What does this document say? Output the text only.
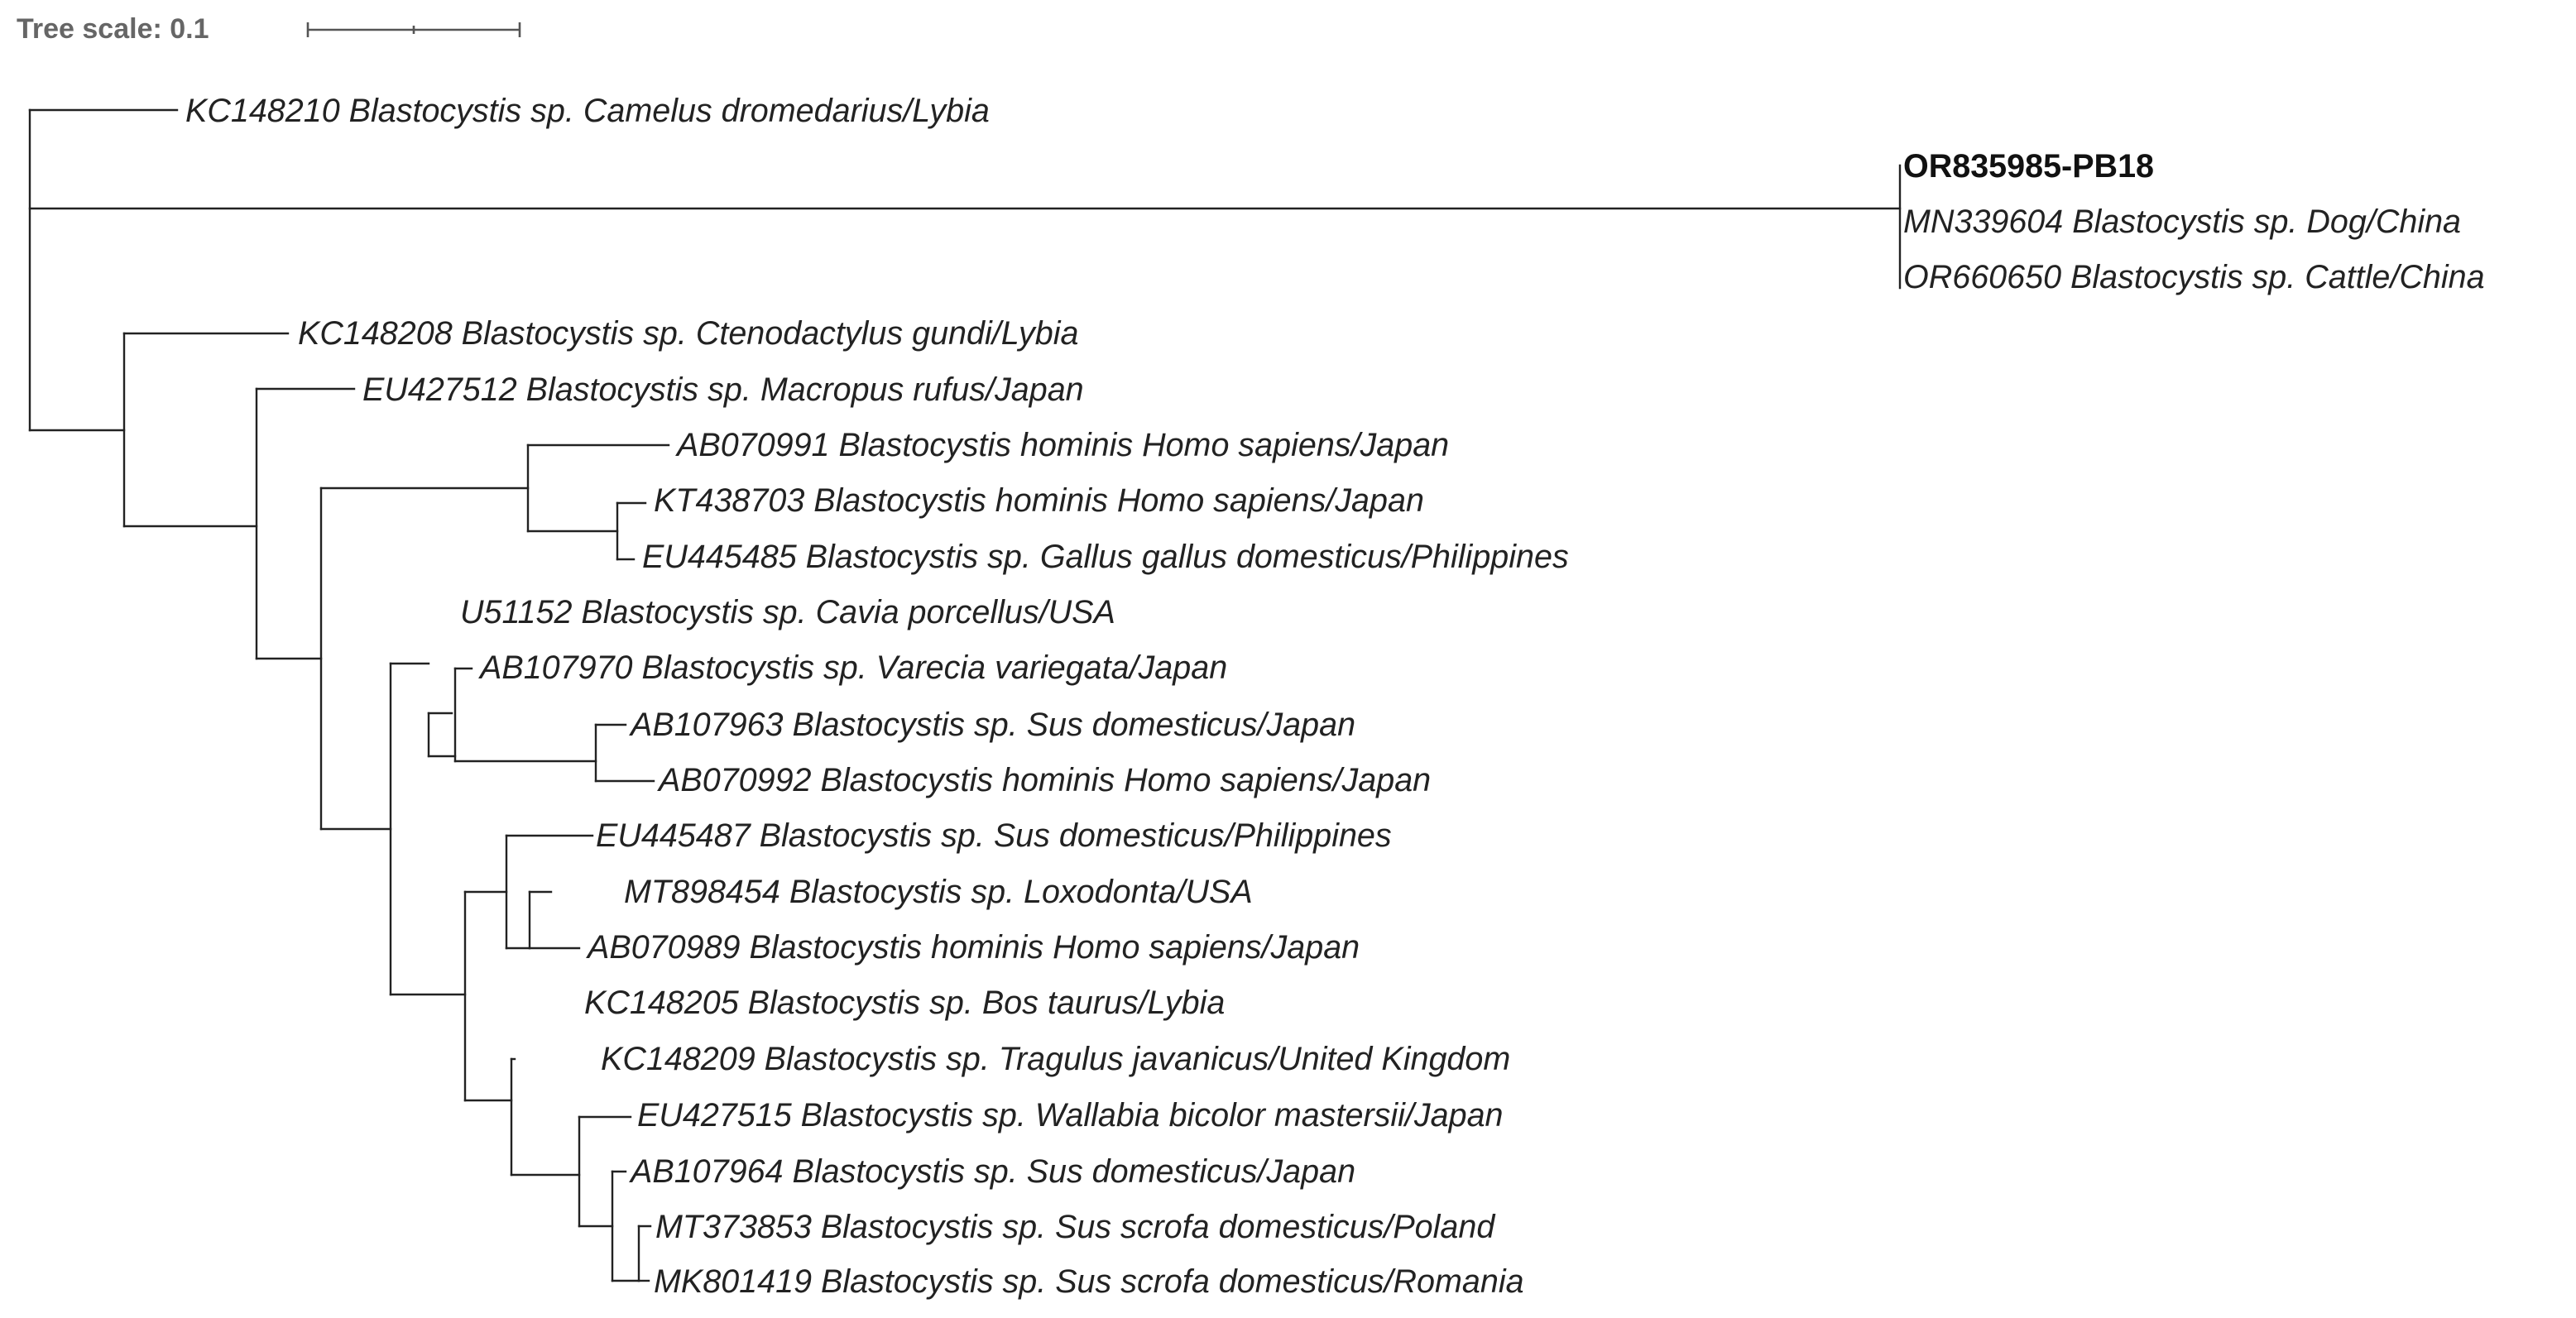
Tree scale: 0.1
KC148210 Blastocystis sp. Camelus dromedarius/Lybia
OR835985-PB18
MN339604 Blastocystis sp. Dog/China
OR660650 Blastocystis sp. Cattle/China
KC148208 Blastocystis sp. Ctenodactylus gundi/Lybia
EU427512 Blastocystis sp. Macropus rufus/Japan
AB070991 Blastocystis hominis Homo sapiens/Japan
KT438703 Blastocystis hominis Homo sapiens/Japan
EU445485 Blastocystis sp. Gallus gallus domesticus/Philippines
U51152 Blastocystis sp. Cavia porcellus/USA
AB107970 Blastocystis sp. Varecia variegata/Japan
AB107963 Blastocystis sp. Sus domesticus/Japan
AB070992 Blastocystis hominis Homo sapiens/Japan
EU445487 Blastocystis sp. Sus domesticus/Philippines
MT898454 Blastocystis sp. Loxodonta/USA
AB070989 Blastocystis hominis Homo sapiens/Japan
KC148205 Blastocystis sp. Bos taurus/Lybia
KC148209 Blastocystis sp. Tragulus javanicus/United Kingdom
EU427515 Blastocystis sp. Wallabia bicolor mastersii/Japan
AB107964 Blastocystis sp. Sus domesticus/Japan
MT373853 Blastocystis sp. Sus scrofa domesticus/Poland
MK801419 Blastocystis sp. Sus scrofa domesticus/Romania
